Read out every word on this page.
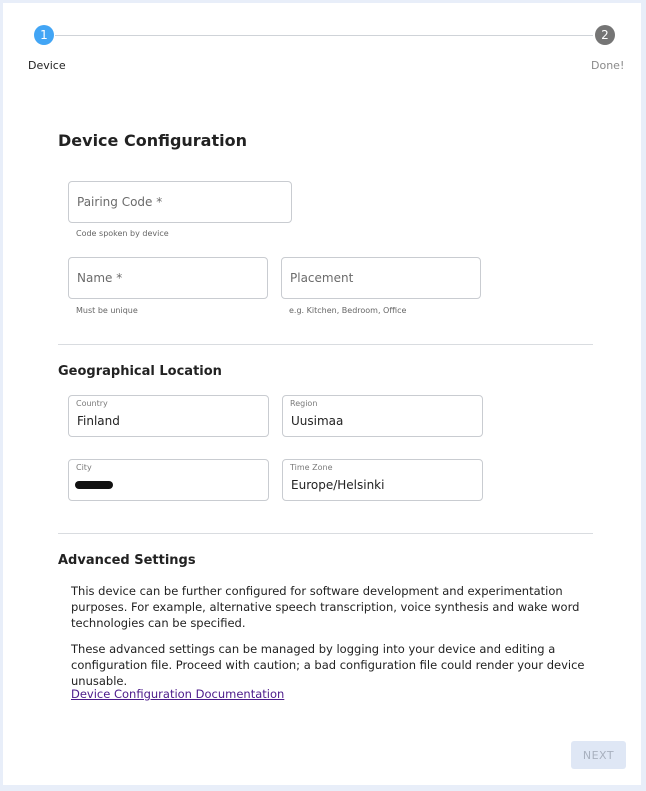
1	2
Device	Done!
Device Configuration
Pairing Code *
Code spoken by device
Name *
Must be unique
Placement
e.g. Kitchen, Bedroom, Office
Geographical Location
Country
Finland
Region
Uusimaa
City	Time Zone
Europe/Helsinki
Advanced Settings
This device can be further configured for software development and experimentation purposes. For example, alternative speech transcription, voice synthesis and wake word technologies can be specified.
These advanced settings can be managed by logging into your device and editing a configuration file. Proceed with caution; a bad configuration file could render your device unusable.
Device Configuration Documentation
NEXT
